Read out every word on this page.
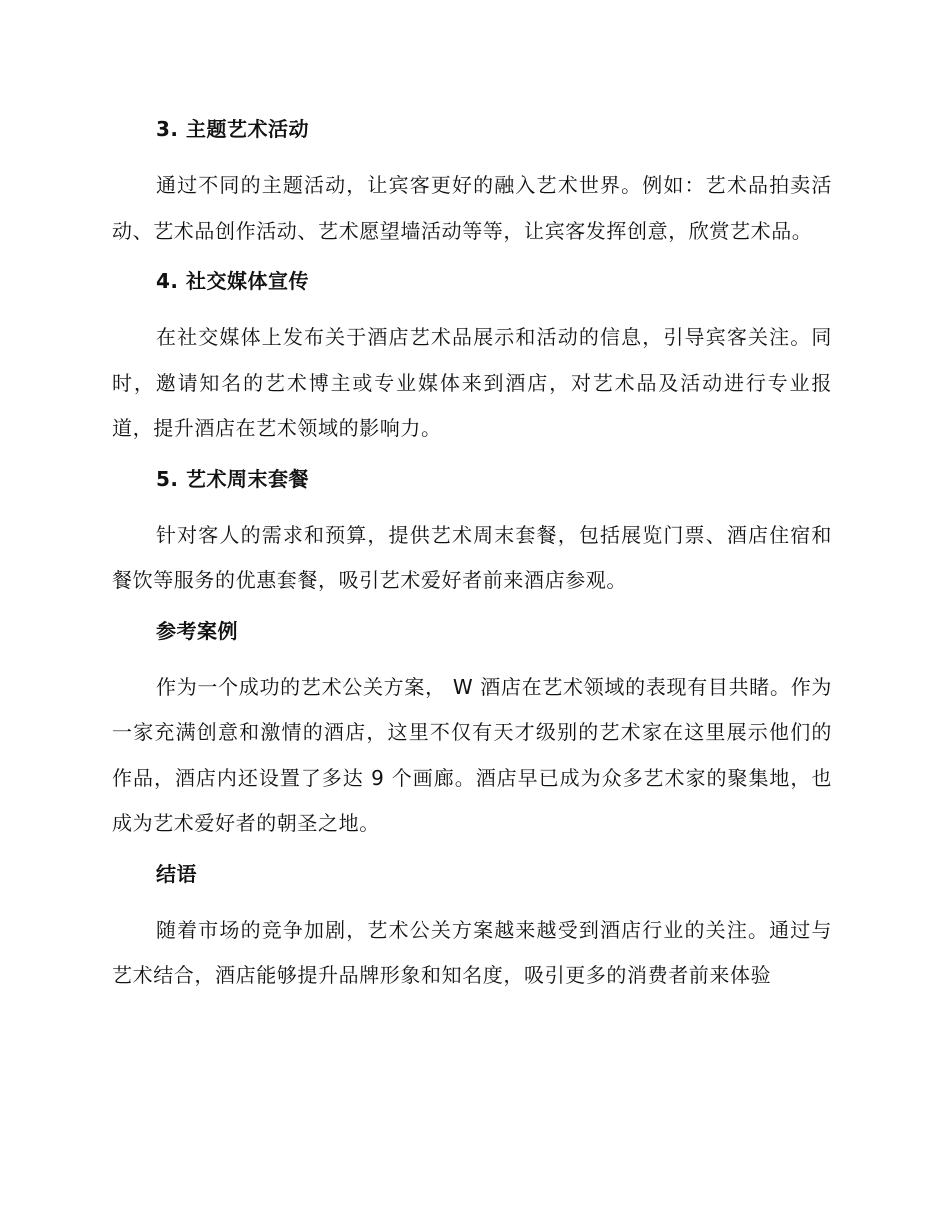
3. 主题艺术活动
通过不同的主题活动，让宾客更好的融入艺术世界。例如：艺术品拍卖活动、艺术品创作活动、艺术愿望墙活动等等，让宾客发挥创意，欣赏艺术品。
4. 社交媒体宣传
在社交媒体上发布关于酒店艺术品展示和活动的信息，引导宾客关注。同时，邀请知名的艺术博主或专业媒体来到酒店，对艺术品及活动进行专业报道，提升酒店在艺术领域的影响力。
5. 艺术周末套餐
针对客人的需求和预算，提供艺术周末套餐，包括展览门票、酒店住宿和餐饮等服务的优惠套餐，吸引艺术爱好者前来酒店参观。
参考案例
作为一个成功的艺术公关方案， W 酒店在艺术领域的表现有目共睹。作为一家充满创意和激情的酒店，这里不仅有天才级别的艺术家在这里展示他们的作品，酒店内还设置了多达 9 个画廊。酒店早已成为众多艺术家的聚集地，也成为艺术爱好者的朝圣之地。
结语
随着市场的竞争加剧，艺术公关方案越来越受到酒店行业的关注。通过与艺术结合，酒店能够提升品牌形象和知名度，吸引更多的消费者前来体验
